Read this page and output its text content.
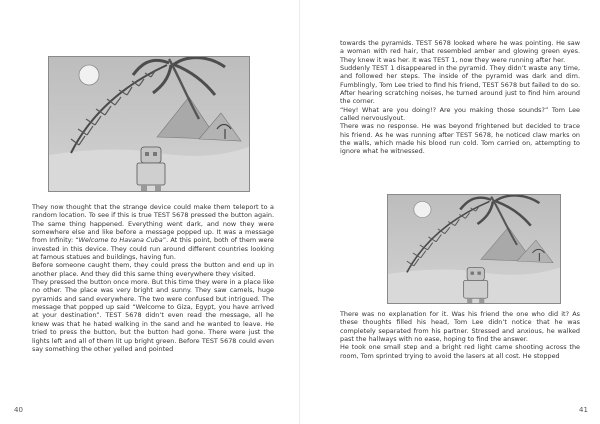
They now thought that the strange device could make them teleport to a random location. To see if this is true TEST 5678 pressed the button again. The same thing happened. Everything went dark, and now they were somewhere else and like before a message popped up. It was a message from Infinity: “Welcome to Havana Cuba”. At this point, both of them were invested in this device. They could run around different countries looking at famous statues and buildings, having fun.

Before someone caught them, they could press the button and end up in another place. And they did this same thing everywhere they visited.

They pressed the button once more. But this time they were in a place like no other. The place was very bright and sunny. They saw camels, huge pyramids and sand everywhere. The two were confused but intrigued. The message that popped up said “Welcome to Giza, Egypt, you have arrived at your destination”. TEST 5678 didn’t even read the message, all he knew was that he hated walking in the sand and he wanted to leave. He tried to press the button, but the button had gone. There were just the lights left and all of them lit up bright green. Before TEST 5678 could even say something the other yelled and pointed

40

towards the pyramids. TEST 5678 looked where he was pointing. He saw a woman with red hair, that resembled amber and glowing green eyes. They knew it was her. It was TEST 1, now they were running after her.

Suddenly TEST 1 disappeared in the pyramid. They didn’t waste any time, and followed her steps. The inside of the pyramid was dark and dim. Fumblingly, Tom Lee tried to find his friend, TEST 5678 but failed to do so. After hearing scratching noises, he turned around just to find him around the corner.

“Hey! What are you doing!? Are you making those sounds?” Tom Lee called nervouslyout.

There was no response. He was beyond frightened but decided to trace his friend. As he was running after TEST 5678, he noticed claw marks on the walls, which made his blood run cold. Tom carried on, attempting to ignore what he witnessed.

There was no explanation for it. Was his friend the one who did it? As these thoughts filled his head, Tom Lee didn’t notice that he was completely separated from his partner. Stressed and anxious, he walked past the hallways with no ease, hoping to find the answer.

He took one small step and a bright red light came shooting across the room, Tom sprinted trying to avoid the lasers at all cost. He stopped

41
